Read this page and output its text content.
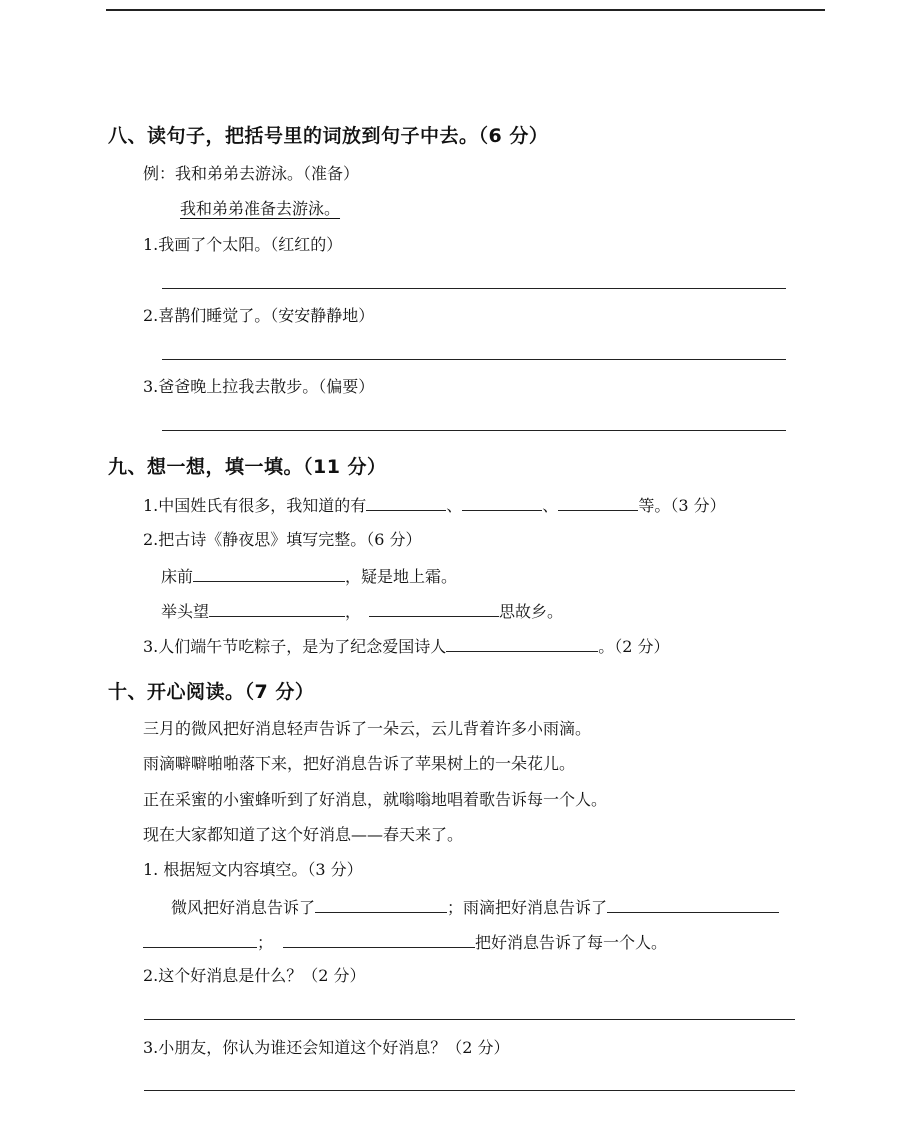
八、读句子，把括号里的词放到句子中去。（6 分）
例：我和弟弟去游泳。（准备）
我和弟弟准备去游泳。
1.我画了个太阳。（红红的）
2.喜鹊们睡觉了。（安安静静地）
3.爸爸晚上拉我去散步。（偏要）
九、想一想，填一填。（11 分）
1.中国姓氏有很多，我知道的有	、	、	等。（3 分）
2.把古诗《静夜思》填写完整。（6 分）
床前	，疑是地上霜。
举头望	，	思故乡。
3.人们端午节吃粽子，是为了纪念爱国诗人	。（2 分）
十、开心阅读。（7 分）
三月的微风把好消息轻声告诉了一朵云，云儿背着许多小雨滴。
雨滴噼噼啪啪落下来，把好消息告诉了苹果树上的一朵花儿。
正在采蜜的小蜜蜂听到了好消息，就嗡嗡地唱着歌告诉每一个人。
现在大家都知道了这个好消息——春天来了。
1. 根据短文内容填空。（3 分）
微风把好消息告诉了	；雨滴把好消息告诉了
；	把好消息告诉了每一个人。
2.这个好消息是什么？（2 分）
3.小朋友，你认为谁还会知道这个好消息？（2 分）
